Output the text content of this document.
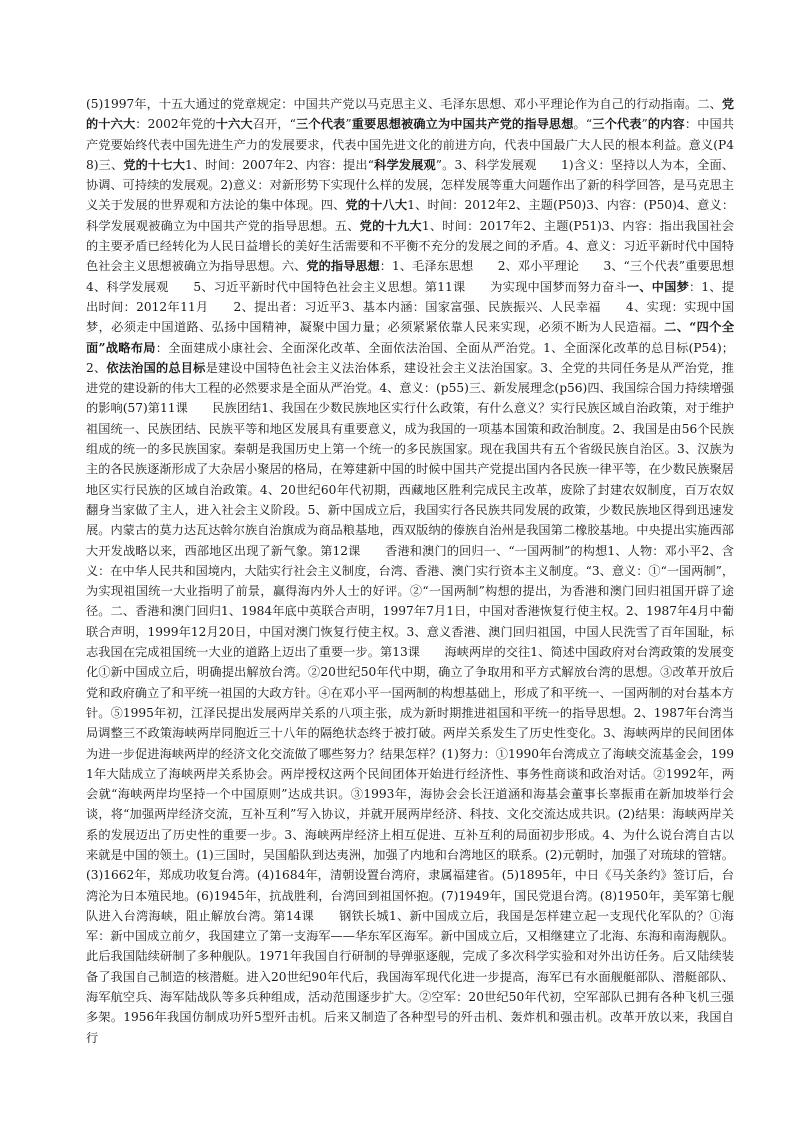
(5)1997年，十五大通过的党章规定：中国共产党以马克思主义、毛泽东思想、邓小平理论作为自己的行动指南。二、党的十六大：2002年党的十六大召开，“三个代表”重要思想被确立为中国共产党的指导思想。“三个代表”的内容：中国共产党要始终代表中国先进生产力的发展要求，代表中国先进文化的前进方向，代表中国最广大人民的根本利益。意义(P48)三、党的十七大1、时间：2007年2、内容：提出“科学发展观”。3、科学发展观　　1)含义：坚持以人为本，全面、协调、可持续的发展观。2)意义：对新形势下实现什么样的发展，怎样发展等重大问题作出了新的科学回答，是马克思主义关于发展的世界观和方法论的集中体现。四、党的十八大1、时间：2012年2、主题(P50)3、内容：(P50)4、意义：科学发展观被确立为中国共产党的指导思想。五、党的十九大1、时间：2017年2、主题(P51)3、内容：指出我国社会的主要矛盾已经转化为人民日益增长的美好生活需要和不平衡不充分的发展之间的矛盾。4、意义：习近平新时代中国特色社会主义思想被确立为指导思想。六、党的指导思想：1、毛泽东思想　　2、邓小平理论　　3、“三个代表”重要思想　4、科学发展观　　5、习近平新时代中国特色社会主义思想。第11课　　为实现中国梦而努力奋斗一、中国梦：1、提出时间：2012年11月　　2、提出者：习近平3、基本内涵：国家富强、民族振兴、人民幸福　　4、实现：实现中国梦，必须走中国道路、弘扬中国精神，凝聚中国力量；必须紧紧依靠人民来实现，必须不断为人民造福。二、“四个全面”战略布局：全面建成小康社会、全面深化改革、全面依法治国、全面从严治党。1、全面深化改革的总目标(P54)；2、依法治国的总目标是建设中国特色社会主义法治体系，建设社会主义法治国家。3、全党的共同任务是从严治党，推进党的建设新的伟大工程的必然要求是全面从严治党。4、意义：(p55)三、新发展理念(p56)四、我国综合国力持续增强的影响(57)第11课　　民族团结1、我国在少数民族地区实行什么政策，有什么意义？实行民族区域自治政策，对于维护祖国统一、民族团结、民族平等和地区发展具有重要意义，成为我国的一项基本国策和政治制度。2、我国是由56个民族组成的统一的多民族国家。秦朝是我国历史上第一个统一的多民族国家。现在我国共有五个省级民族自治区。3、汉族为主的各民族逐渐形成了大杂居小聚居的格局，在筹建新中国的时候中国共产党提出国内各民族一律平等，在少数民族聚居地区实行民族的区域自治政策。4、20世纪60年代初期，西藏地区胜利完成民主改革，废除了封建农奴制度，百万农奴翻身当家做了主人，进入社会主义阶段。5、新中国成立后，我国实行各民族共同发展的政策，少数民族地区得到迅速发展。内蒙古的莫力达瓦达斡尔族自治旗成为商品粮基地，西双版纳的傣族自治州是我国第二橡胶基地。中央提出实施西部大开发战略以来，西部地区出现了新气象。第12课　　香港和澳门的回归一、“一国两制”的构想1、人物：邓小平2、含义：在中华人民共和国境内，大陆实行社会主义制度，台湾、香港、澳门实行资本主义制度。“3、意义：①“一国两制”，为实现祖国统一大业指明了前景，赢得海内外人士的好评。②“一国两制”构想的提出，为香港和澳门回归祖国开辟了途径。二、香港和澳门回归1、1984年底中英联合声明，1997年7月1日，中国对香港恢复行使主权。2、1987年4月中葡联合声明，1999年12月20日，中国对澳门恢复行使主权。3、意义香港、澳门回归祖国，中国人民洗雪了百年国耻，标志我国在完成祖国统一大业的道路上迈出了重要一步。第13课　　海峡两岸的交往1、简述中国政府对台湾政策的发展变化①新中国成立后，明确提出解放台湾。②20世纪50年代中期，确立了争取用和平方式解放台湾的思想。③改革开放后党和政府确立了和平统一祖国的大政方针。④在邓小平一国两制的构想基础上，形成了和平统一、一国两制的对台基本方针。⑤1995年初，江泽民提出发展两岸关系的八项主张，成为新时期推进祖国和平统一的指导思想。2、1987年台湾当局调整三不政策海峡两岸同胞近三十八年的隔绝状态终于被打破。两岸关系发生了历史性变化。3、海峡两岸的民间团体为进一步促进海峡两岸的经济文化交流做了哪些努力？结果怎样？(1)努力：①1990年台湾成立了海峡交流基金会，1991年大陆成立了海峡两岸关系协会。两岸授权这两个民间团体开始进行经济性、事务性商谈和政治对话。②1992年，两会就“海峡两岸均坚持一个中国原则”达成共识。③1993年，海协会会长汪道涵和海基会董事长辜振甫在新加坡举行会谈，将“加强两岸经济交流，互补互利”写入协议，并就开展两岸经济、科技、文化交流达成共识。(2)结果：海峡两岸关系的发展迈出了历史性的重要一步。3、海峡两岸经济上相互促进、互补互利的局面初步形成。4、为什么说台湾自古以来就是中国的领土。(1)三国时，吴国船队到达夷洲，加强了内地和台湾地区的联系。(2)元朝时，加强了对琉球的管辖。(3)1662年，郑成功收复台湾。(4)1684年，清朝设置台湾府，隶属福建省。(5)1895年，中日《马关条约》签订后，台湾沦为日本殖民地。(6)1945年，抗战胜利，台湾回到祖国怀抱。(7)1949年，国民党退台湾。(8)1950年，美军第七舰队进入台湾海峡，阻止解放台湾。第14课　　钢铁长城1、新中国成立后，我国是怎样建立起一支现代化军队的？①海军：新中国成立前夕，我国建立了第一支海军——华东军区海军。新中国成立后，又相继建立了北海、东海和南海舰队。此后我国陆续研制了多种舰队。1971年我国自行研制的导弹驱逐舰，完成了多次科学实验和对外出访任务。后又陆续装备了我国自己制造的核潜艇。进入20世纪90年代后，我国海军现代化进一步提高，海军已有水面舰艇部队、潜艇部队、海军航空兵、海军陆战队等多兵种组成，活动范围逐步扩大。②空军：20世纪50年代初，空军部队已拥有各种飞机三强多架。1956年我国仿制成功歼5型歼击机。后来又制造了各种型号的歼击机、轰炸机和强击机。改革开放以来，我国自行
